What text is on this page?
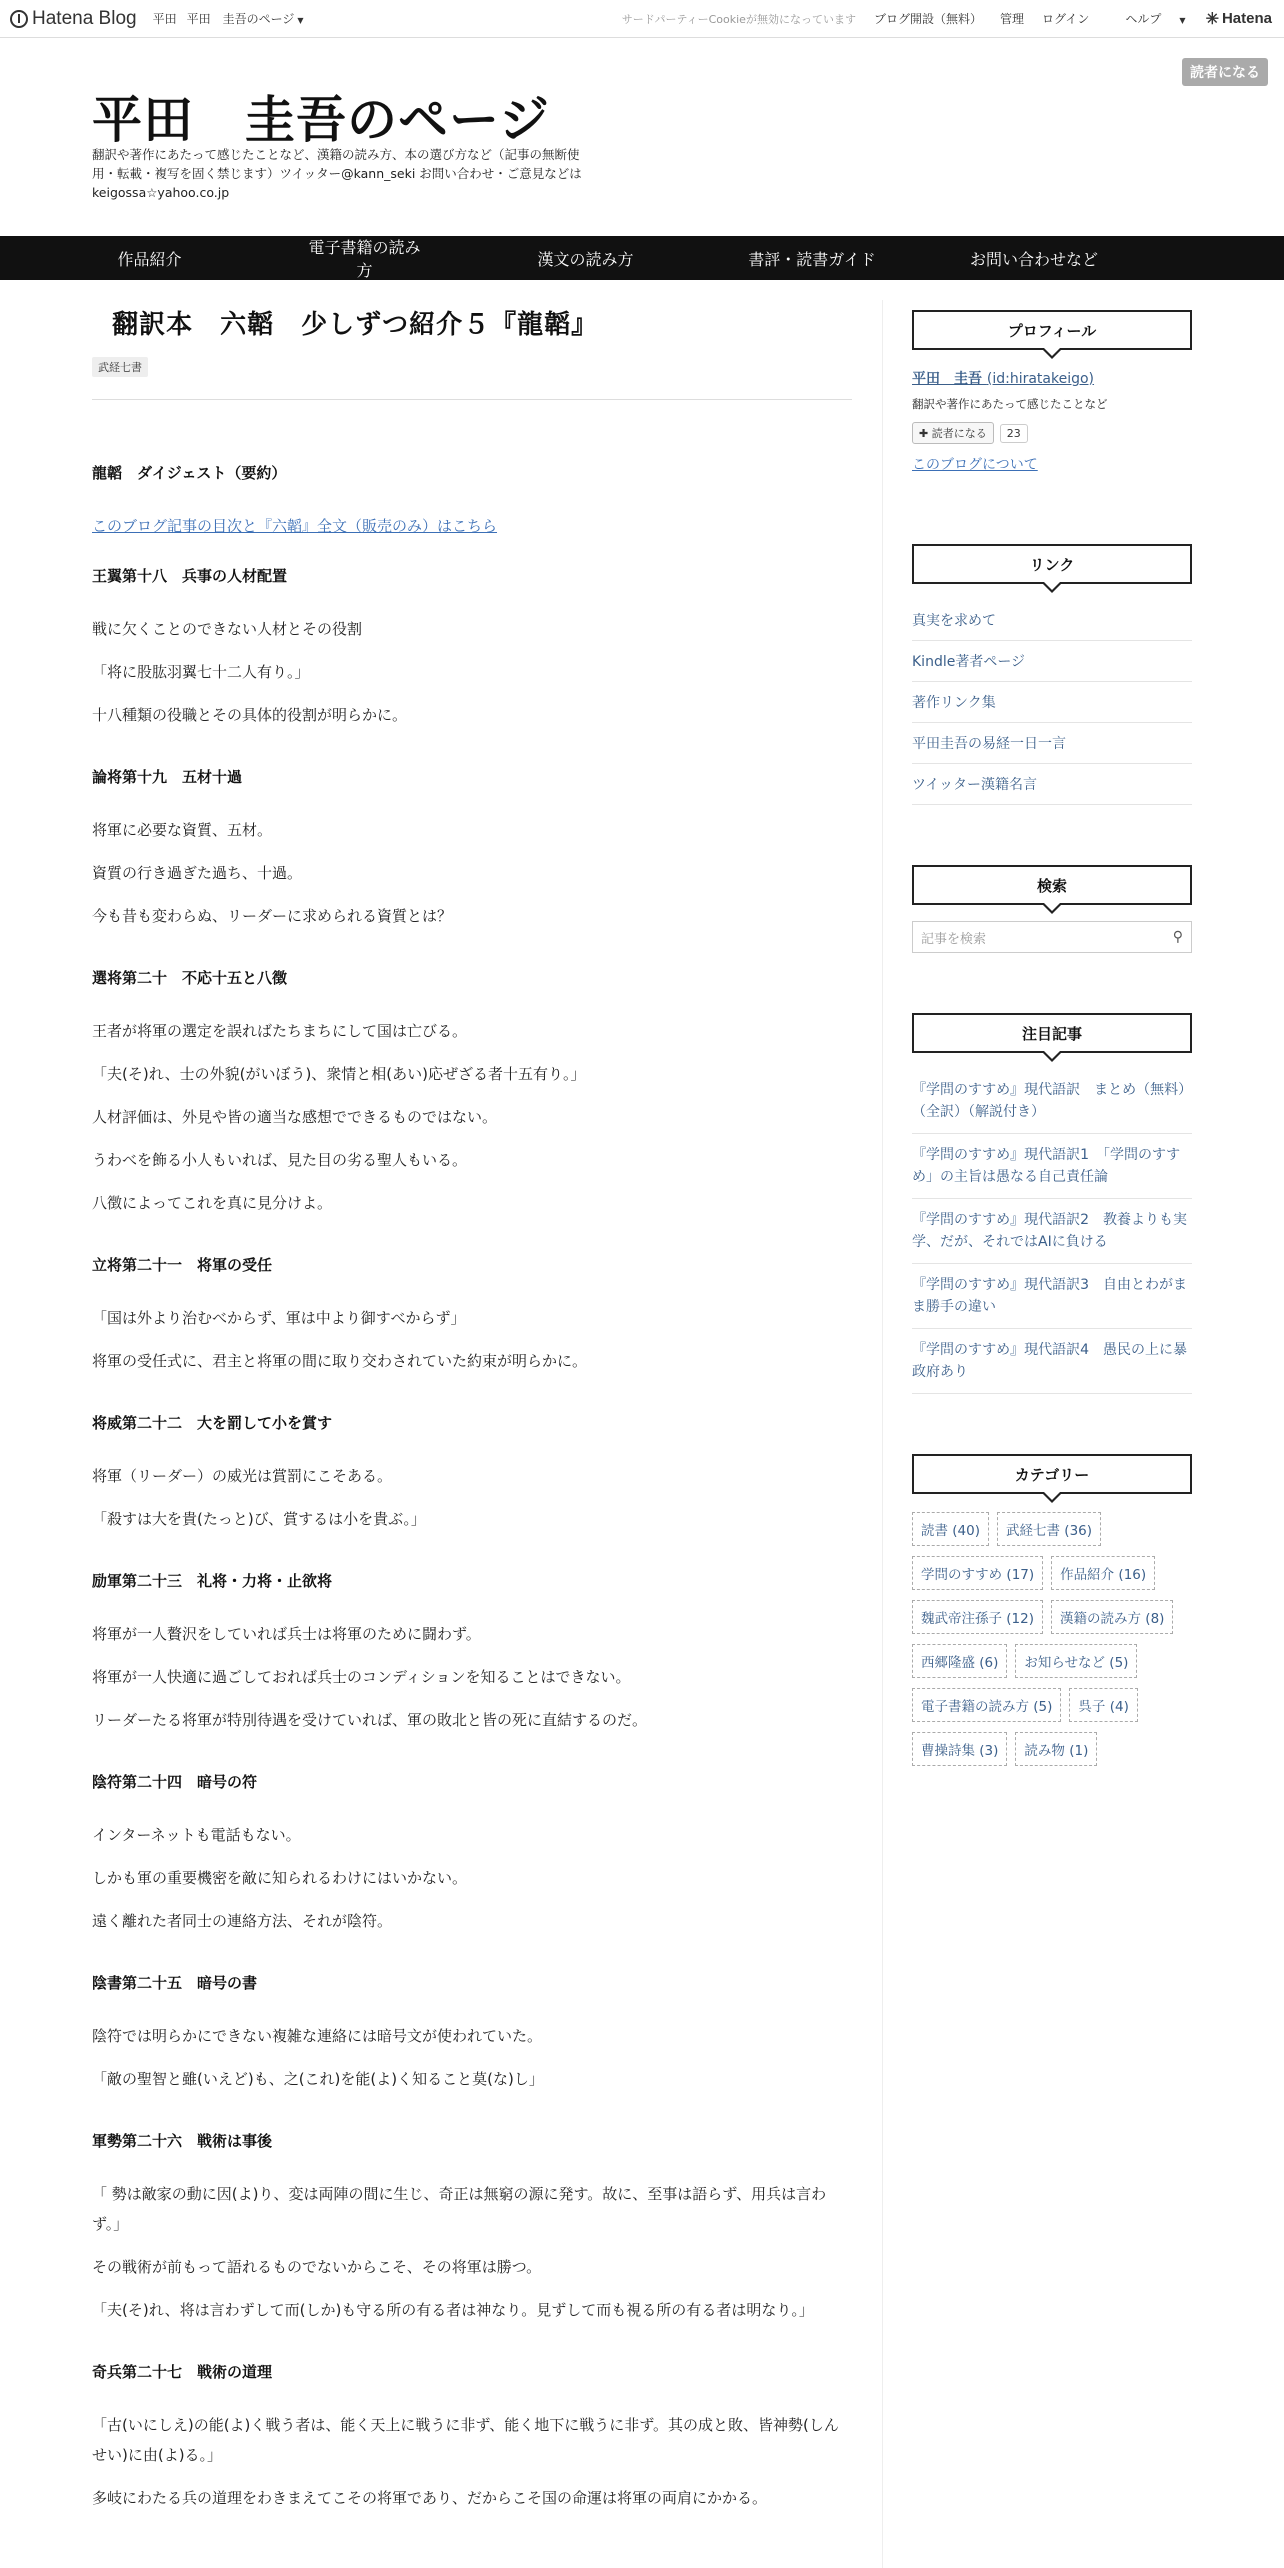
Hatena Blog 平田 平田　圭吾のページ ▼	サードパーティーCookieが無効になっています ブログ開設（無料） 管理 ログイン	ヘルプ ▼ ✳ Hatena
平田　圭吾のページ
翻訳や著作にあたって感じたことなど、漢籍の読み方、本の選び方など（記事の無断使用・転載・複写を固く禁じます）ツイッター@kann_seki お問い合わせ・ご意見などはkeigossa☆yahoo.co.jp
読者になる
作品紹介
電子書籍の読み方
漢文の読み方	書評・読書ガイド	お問い合わせなど
翻訳本　六韜　少しずつ紹介５『龍韜』
武経七書
龍韜　ダイジェスト（要約）

このブログ記事の目次と『六韜』全文（販売のみ）はこちら

王翼第十八　兵事の人材配置

戦に欠くことのできない人材とその役割

「将に股肱羽翼七十二人有り。」

十八種類の役職とその具体的役割が明らかに。

論将第十九　五材十過

将軍に必要な資質、五材。

資質の行き過ぎた過ち、十過。

今も昔も変わらぬ、リーダーに求められる資質とは？

選将第二十　不応十五と八徴

王者が将軍の選定を誤ればたちまちにして国は亡びる。

「夫(そ)れ、士の外貌(がいぼう)、衆情と相(あい)応ぜざる者十五有り。」

人材評価は、外見や皆の適当な感想でできるものではない。

うわべを飾る小人もいれば、見た目の劣る聖人もいる。

八徴によってこれを真に見分けよ。

立将第二十一　将軍の受任

「国は外より治むべからず、軍は中より御すべからず」

将軍の受任式に、君主と将軍の間に取り交わされていた約束が明らかに。

将威第二十二　大を罰して小を賞す

将軍（リーダー）の威光は賞罰にこそある。

「殺すは大を貴(たっと)び、賞するは小を貴ぶ。」

励軍第二十三　礼将・力将・止欲将

将軍が一人贅沢をしていれば兵士は将軍のために闘わず。

将軍が一人快適に過ごしておれば兵士のコンディションを知ることはできない。

リーダーたる将軍が特別待遇を受けていれば、軍の敗北と皆の死に直結するのだ。

陰符第二十四　暗号の符

インターネットも電話もない。

しかも軍の重要機密を敵に知られるわけにはいかない。

遠く離れた者同士の連絡方法、それが陰符。

陰書第二十五　暗号の書

陰符では明らかにできない複雑な連絡には暗号文が使われていた。

「敵の聖智と雖(いえど)も、之(これ)を能(よ)く知ること莫(な)し」

軍勢第二十六　戦術は事後

「 勢は敵家の動に因(よ)り、変は両陣の間に生じ、奇正は無窮の源に発す。故に、至事は語らず、用兵は言わず。」

その戦術が前もって語れるものでないからこそ、その将軍は勝つ。

「夫(そ)れ、将は言わずして而(しか)も守る所の有る者は神なり。見ずして而も視る所の有る者は明なり。」

奇兵第二十七　戦術の道理

「古(いにしえ)の能(よ)く戦う者は、能く天上に戦うに非ず、能く地下に戦うに非ず。其の成と敗、皆神勢(しんせい)に由(よ)る。」

多岐にわたる兵の道理をわきまえてこその将軍であり、だからこそ国の命運は将軍の両肩にかかる。

プロフィール
平田　圭吾 (id:hiratakeigo)
翻訳や著作にあたって感じたことなど
✚ 読者になる	23
このブログについて
リンク
真実を求めて
Kindle著者ページ
著作リンク集
平田圭吾の易経一日一言
ツイッター漢籍名言
検索
記事を検索	⚲
注目記事
『学問のすすめ』現代語訳　まとめ（無料）（全訳）（解説付き）
『学問のすすめ』現代語訳1　「学問のすすめ」の主旨は愚なる自己責任論
『学問のすすめ』現代語訳2　教養よりも実学、だが、それではAIに負ける
『学問のすすめ』現代語訳3　自由とわがまま勝手の違い
『学問のすすめ』現代語訳4　愚民の上に暴政府あり
カテゴリー
読書 (40)	武経七書 (36)
学問のすすめ (17)	作品紹介 (16)
魏武帝注孫子 (12)	漢籍の読み方 (8)
西郷隆盛 (6)	お知らせなど (5)
電子書籍の読み方 (5)	呉子 (4)
曹操詩集 (3)	読み物 (1)
